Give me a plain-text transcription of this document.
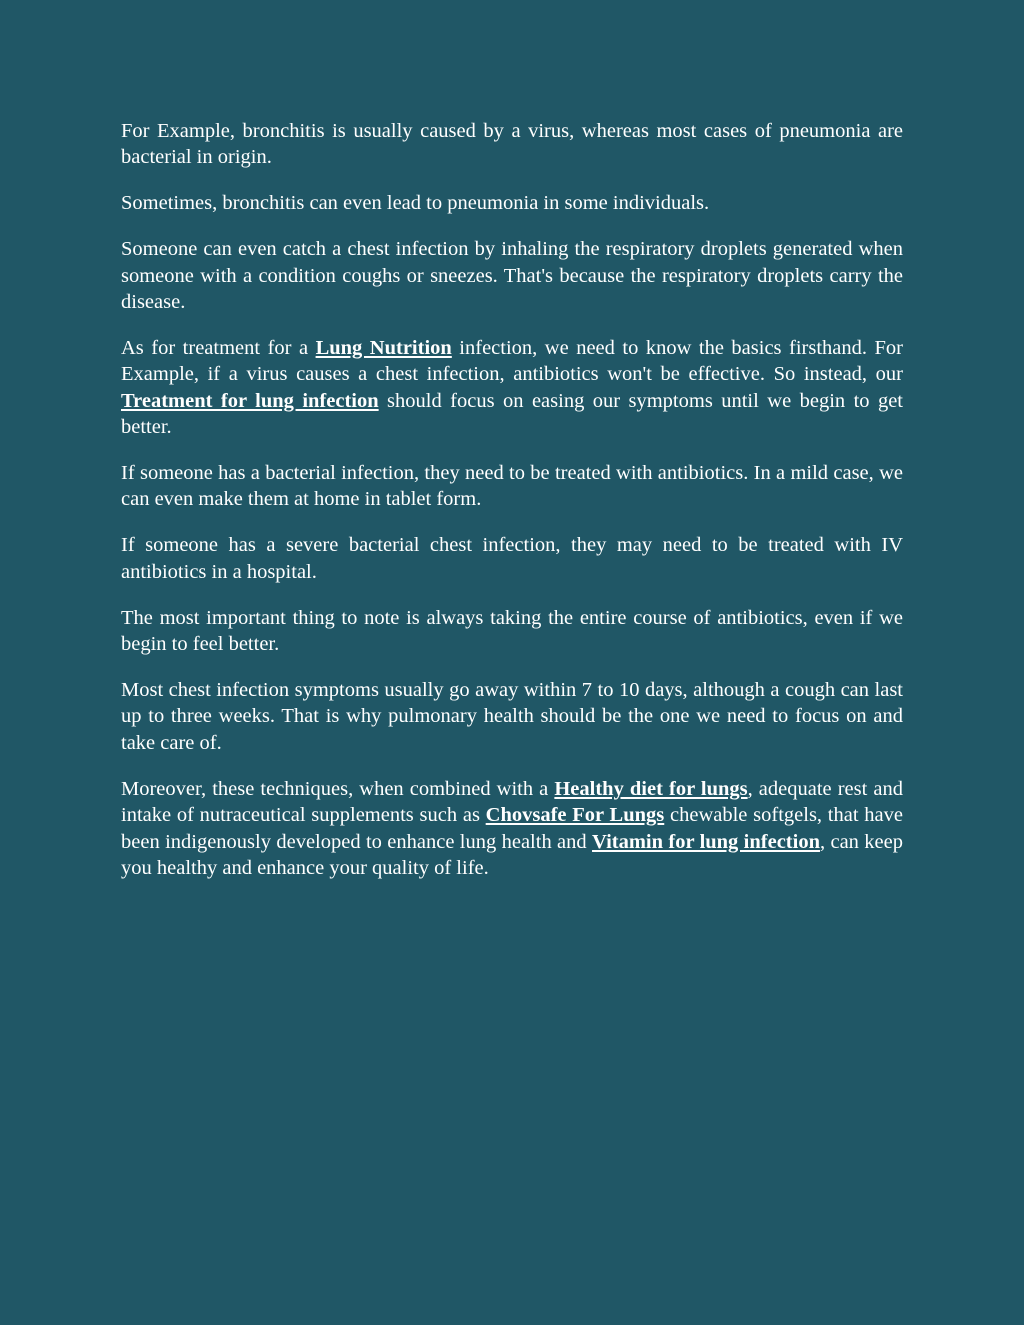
For Example, bronchitis is usually caused by a virus, whereas most cases of pneumonia are bacterial in origin.

Sometimes, bronchitis can even lead to pneumonia in some individuals.

Someone can even catch a chest infection by inhaling the respiratory droplets generated when someone with a condition coughs or sneezes. That's because the respiratory droplets carry the disease.

As for treatment for a Lung Nutrition infection, we need to know the basics firsthand. For Example, if a virus causes a chest infection, antibiotics won't be effective. So instead, our Treatment for lung infection should focus on easing our symptoms until we begin to get better.

If someone has a bacterial infection, they need to be treated with antibiotics. In a mild case, we can even make them at home in tablet form.

If someone has a severe bacterial chest infection, they may need to be treated with IV antibiotics in a hospital.

The most important thing to note is always taking the entire course of antibiotics, even if we begin to feel better.

Most chest infection symptoms usually go away within 7 to 10 days, although a cough can last up to three weeks. That is why pulmonary health should be the one we need to focus on and take care of.

Moreover, these techniques, when combined with a Healthy diet for lungs, adequate rest and intake of nutraceutical supplements such as Chovsafe For Lungs chewable softgels, that have been indigenously developed to enhance lung health and Vitamin for lung infection, can keep you healthy and enhance your quality of life.
